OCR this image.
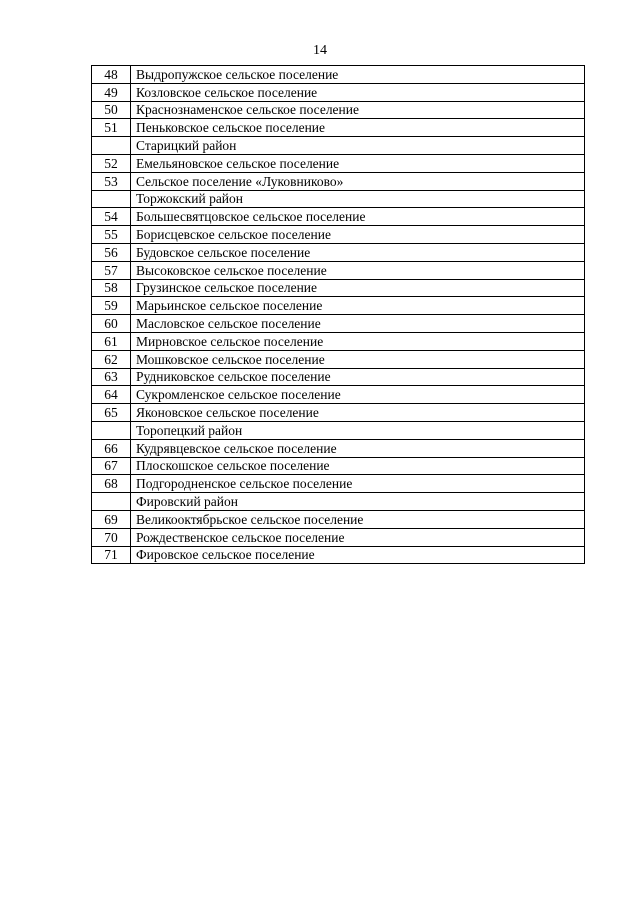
14
48	Выдропужское сельское поселение
49	Козловское сельское поселение
50	Краснознаменское сельское поселение
51	Пеньковское сельское поселение
	Старицкий район
52	Емельяновское сельское поселение
53	Сельское поселение «Луковниково»
	Торжокский район
54	Большесвятцовское сельское поселение
55	Борисцевское сельское поселение
56	Будовское сельское поселение
57	Высоковское сельское поселение
58	Грузинское сельское поселение
59	Марьинское сельское поселение
60	Масловское сельское поселение
61	Мирновское сельское поселение
62	Мошковское сельское поселение
63	Рудниковское сельское поселение
64	Сукромленское сельское поселение
65	Яконовское сельское поселение
	Торопецкий район
66	Кудрявцевское сельское поселение
67	Плоскошское сельское поселение
68	Подгородненское сельское поселение
	Фировский район
69	Великооктябрьское сельское поселение
70	Рождественское сельское поселение
71	Фировское сельское поселение
